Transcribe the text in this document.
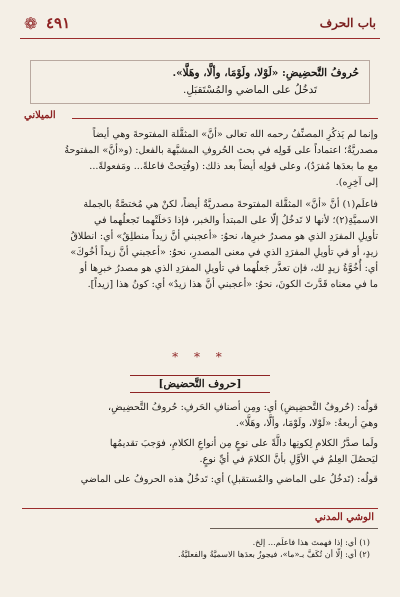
باب الحرف
❁ ٤٩١
حُروفُ التَّحضِيضِ: «لَوْلا، ولَوْمَا، وألَّا، وهَلَّا».
تَدخُلُ على الماضي والمُسْتَقبَلِ.
الميلاني
وإنما لم يَذكُرِ المصنِّفُ رحمه الله تعالى «أنَّ» المثقَّلة المفتوحةَ وهي أيضاً
مصدريَّةٌ؛ اعتماداً على قَولِه في بحث الحُروفِ المشبَّهة بالفعل: (و«أنَّ» المفتوحةُ
مع ما بعدَها مُفرَدٌ)، وعلى قولِه أيضاً بعد ذلك: (وفُتِحتْ فاعلةً... ومَفعولةً...
إلى آخِرِه).
فاعلَم(١) أنَّ «أنَّ» المثقَّلة المفتوحةَ مصدريَّةٌ أيضاً، لكنْ هي مُختصَّةٌ بالجملة
الاسميَّةِ(٢)؛ لأنها لا تَدخُلُ إلّا على المبتدأ والخبر، فإذا دَخلَتْهما تَجعلُهما في
تأويلِ المفرَدِ الذي هو مصدرُ خبرِها، نحوُ: «أعجبني أنَّ زيداً منطلِقٌ» أي: انطلاقُ
زيدٍ، أو في تأويلِ المفرَدِ الذي في معنى المصدرِ، نحوُ: «أعجبني أنَّ زيداً أخُوكَ»
أي: أُخُوَّةُ زيدٍ لك، فإن تعذَّر جَعلُهما في تأويلِ المفرَدِ الذي هو مصدرُ خبرِها أو
ما في معناه قَدَّرتَ الكونَ، نحوُ: «أعجبني أنَّ هذا زيدٌ» أي: كونُ هذا [زيداً].
* * *
[حروف التَّحضيض]
قولُه: (حُروفُ التَّحضِيضِ) أي: ومِن أصنافِ الحَرفِ: حُروفُ التَّحضِيضِ،
وهيَ أربعةٌ: «لَوْلا، ولَوْمَا، وألَّا، وهَلَّا».
ولَما صدَّرُ الكلامِ لِكونِها دالَّةً على نوعٍ مِن أنواعِ الكلامِ، فوَجبَ تقديمُها
ليَحصُلَ العِلمُ في الأوَّلِ بأنَّ الكلامَ في أيِّ نوعٍ.
قولُه: (تَدخُلُ على الماضي والمُستقبلِ) أي: تَدخُلُ هذه الحروفُ على الماضي
الوشي المدني
(١) أي: إذا فهمتَ هذا فاعلَم... إلخ.
(٢) أي: إلّا أن تُكَفَّ بـ«ما»، فيجوزُ بعدَها الاسميَّةُ والفعليَّةُ.
